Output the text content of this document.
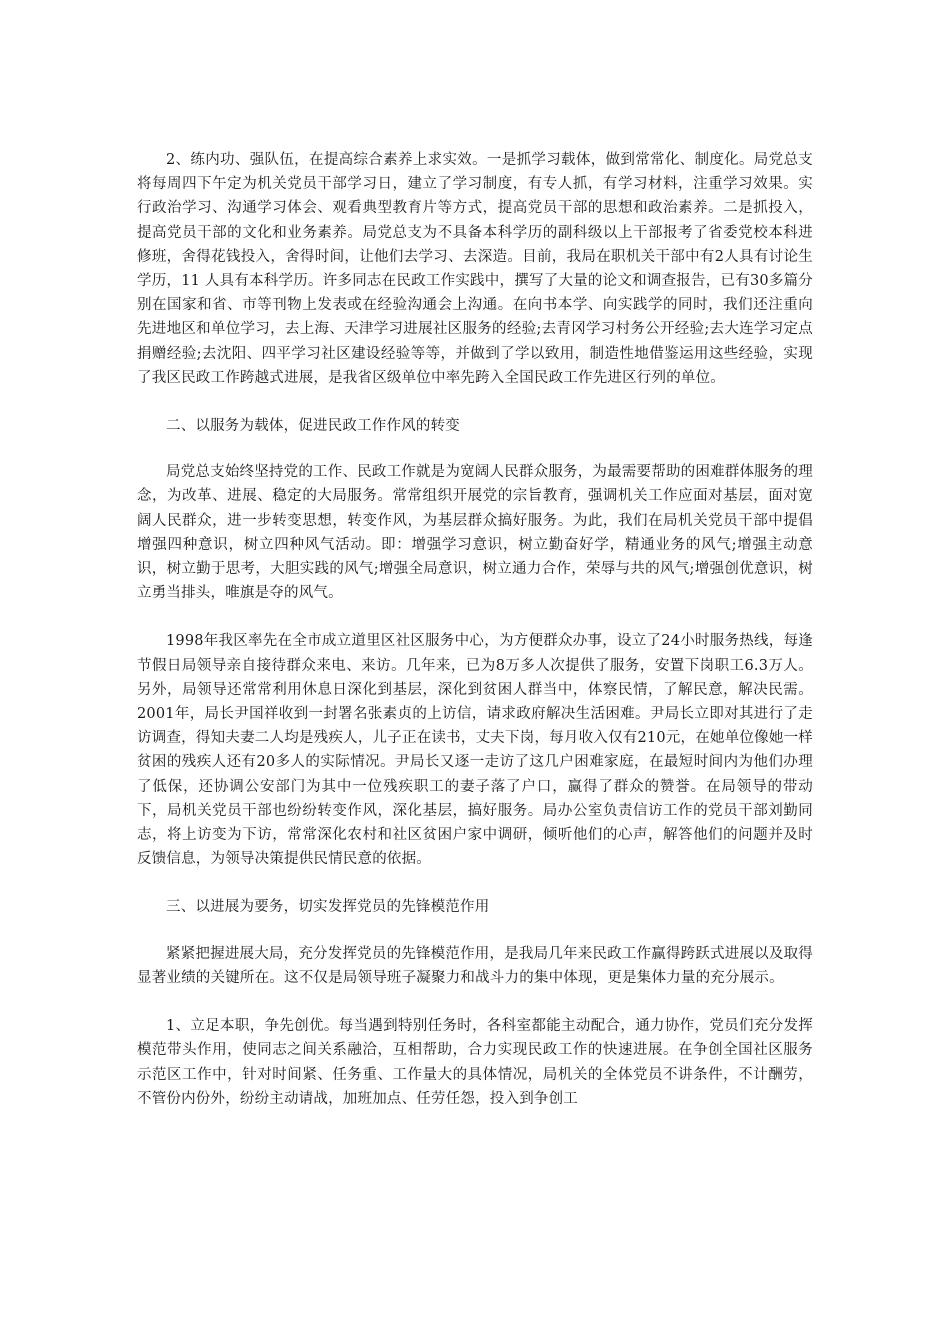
2、练内功、强队伍，在提高综合素养上求实效。一是抓学习载体，做到常常化、制度化。局党总支将每周四下午定为机关党员干部学习日，建立了学习制度，有专人抓，有学习材料，注重学习效果。实行政治学习、沟通学习体会、观看典型教育片等方式，提高党员干部的思想和政治素养。二是抓投入，提高党员干部的文化和业务素养。局党总支为不具备本科学历的副科级以上干部报考了省委党校本科进修班，舍得花钱投入，舍得时间，让他们去学习、去深造。目前，我局在职机关干部中有2人具有讨论生学历，11 人具有本科学历。许多同志在民政工作实践中，撰写了大量的论文和调查报告，已有30多篇分别在国家和省、市等刊物上发表或在经验沟通会上沟通。在向书本学、向实践学的同时，我们还注重向先进地区和单位学习，去上海、天津学习进展社区服务的经验;去青冈学习村务公开经验;去大连学习定点捐赠经验;去沈阳、四平学习社区建设经验等等，并做到了学以致用，制造性地借鉴运用这些经验，实现了我区民政工作跨越式进展，是我省区级单位中率先跨入全国民政工作先进区行列的单位。

二、以服务为载体，促进民政工作作风的转变

局党总支始终坚持党的工作、民政工作就是为宽阔人民群众服务，为最需要帮助的困难群体服务的理念，为改革、进展、稳定的大局服务。常常组织开展党的宗旨教育，强调机关工作应面对基层，面对宽阔人民群众，进一步转变思想，转变作风，为基层群众搞好服务。为此，我们在局机关党员干部中提倡增强四种意识，树立四种风气活动。即：增强学习意识，树立勤奋好学，精通业务的风气;增强主动意识，树立勤于思考，大胆实践的风气;增强全局意识，树立通力合作，荣辱与共的风气;增强创优意识，树立勇当排头，唯旗是夺的风气。

1998年我区率先在全市成立道里区社区服务中心，为方便群众办事，设立了24小时服务热线，每逢节假日局领导亲自接待群众来电、来访。几年来，已为8万多人次提供了服务，安置下岗职工6.3万人。另外，局领导还常常利用休息日深化到基层，深化到贫困人群当中，体察民情，了解民意，解决民需。2001年，局长尹国祥收到一封署名张素贞的上访信，请求政府解决生活困难。尹局长立即对其进行了走访调查，得知夫妻二人均是残疾人，儿子正在读书，丈夫下岗，每月收入仅有210元，在她单位像她一样贫困的残疾人还有20多人的实际情况。尹局长又逐一走访了这几户困难家庭，在最短时间内为他们办理了低保，还协调公安部门为其中一位残疾职工的妻子落了户口，赢得了群众的赞誉。在局领导的带动下，局机关党员干部也纷纷转变作风，深化基层，搞好服务。局办公室负责信访工作的党员干部刘勤同志，将上访变为下访，常常深化农村和社区贫困户家中调研，倾听他们的心声，解答他们的问题并及时反馈信息，为领导决策提供民情民意的依据。

三、以进展为要务，切实发挥党员的先锋模范作用

紧紧把握进展大局，充分发挥党员的先锋模范作用，是我局几年来民政工作赢得跨跃式进展以及取得显著业绩的关键所在。这不仅是局领导班子凝聚力和战斗力的集中体现，更是集体力量的充分展示。

1、立足本职，争先创优。每当遇到特别任务时，各科室都能主动配合，通力协作，党员们充分发挥模范带头作用，使同志之间关系融洽，互相帮助，合力实现民政工作的快速进展。在争创全国社区服务示范区工作中，针对时间紧、任务重、工作量大的具体情况，局机关的全体党员不讲条件，不计酬劳，不管份内份外，纷纷主动请战，加班加点、任劳任怨，投入到争创工
